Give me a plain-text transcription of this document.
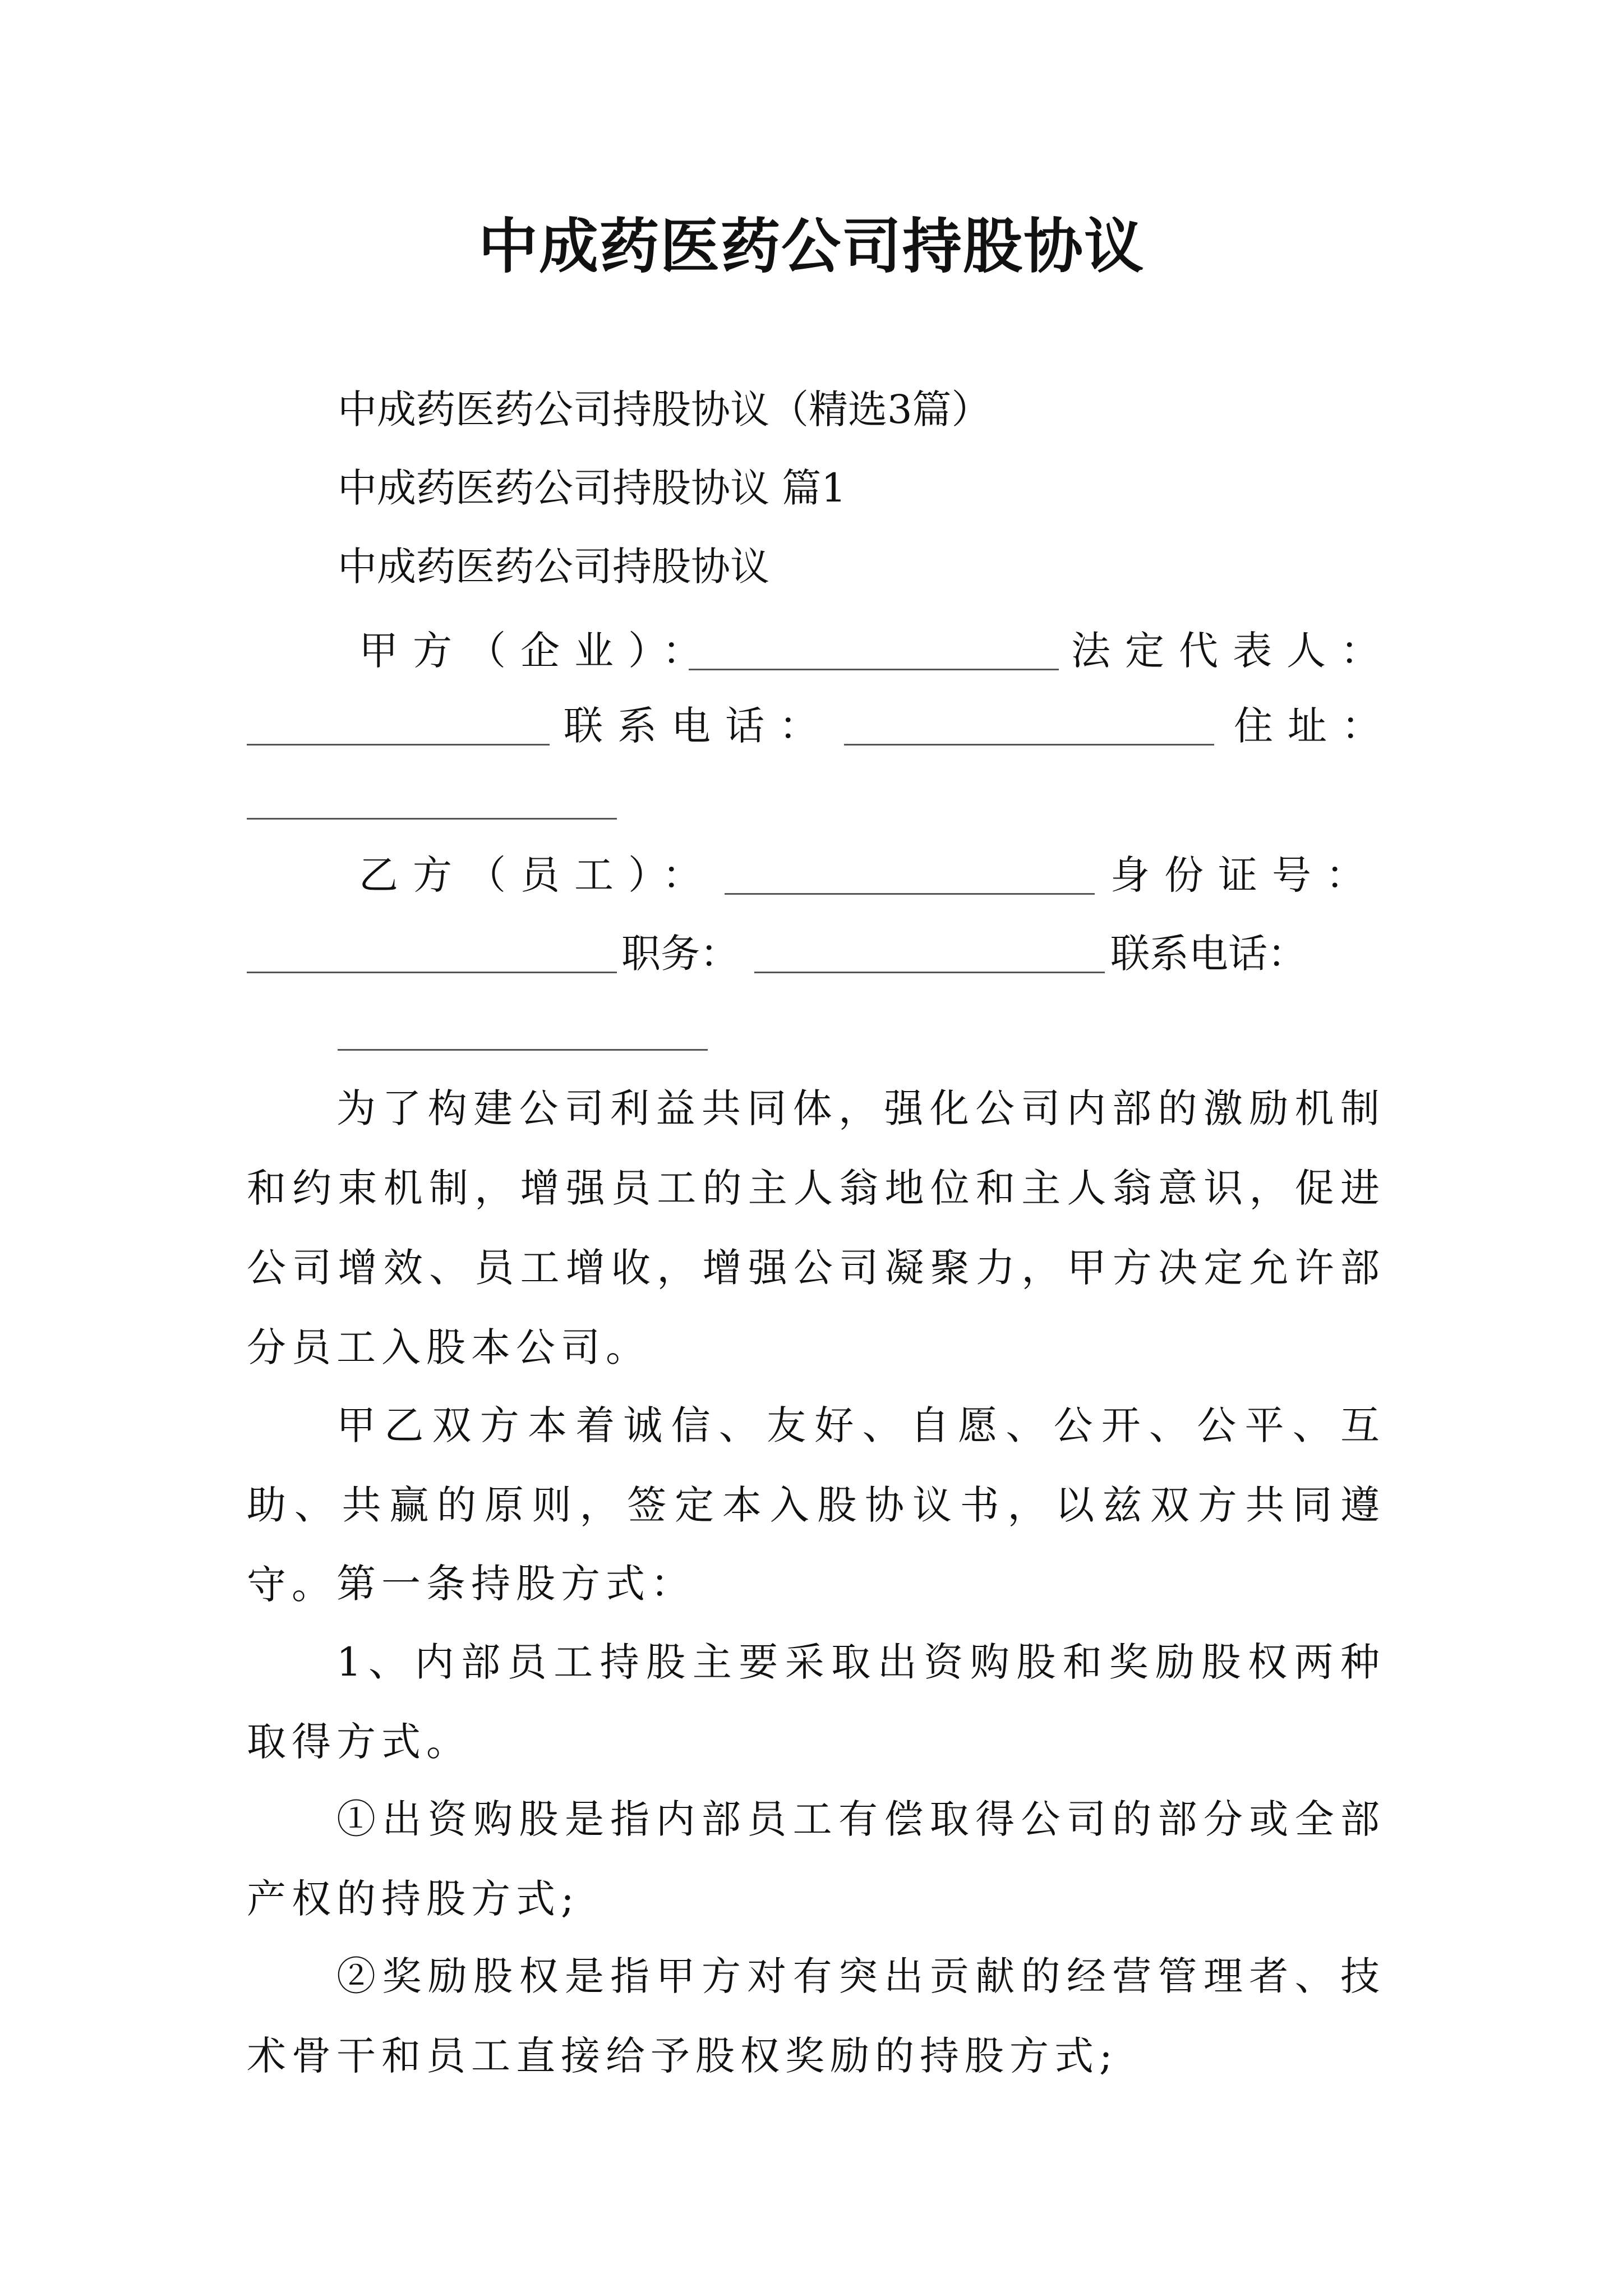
中成药医药公司持股协议
中成药医药公司持股协议（精选3篇）
中成药医药公司持股协议 篇1
中成药医药公司持股协议
甲方（企业）：	法定代表人：
联系电话：	住址：
乙方（员工）：	身份证号：
职务：	联系电话：
为了构建公司利益共同体，强化公司内部的激励机制和约束机制，增强员工的主人翁地位和主人翁意识，促进公司增效、员工增收，增强公司凝聚力，甲方决定允许部分员工入股本公司。
甲乙双方本着诚信、友好、自愿、公开、公平、互助、共赢的原则，签定本入股协议书，以兹双方共同遵守。 第一条持股方式：
1、内部员工持股主要采取出资购股和奖励股权两种取得方式。
①出资购股是指内部员工有偿取得公司的部分或全部产权的持股方式;
②奖励股权是指甲方对有突出贡献的经营管理者、技术骨干和员工直接给予股权奖励的持股方式;
